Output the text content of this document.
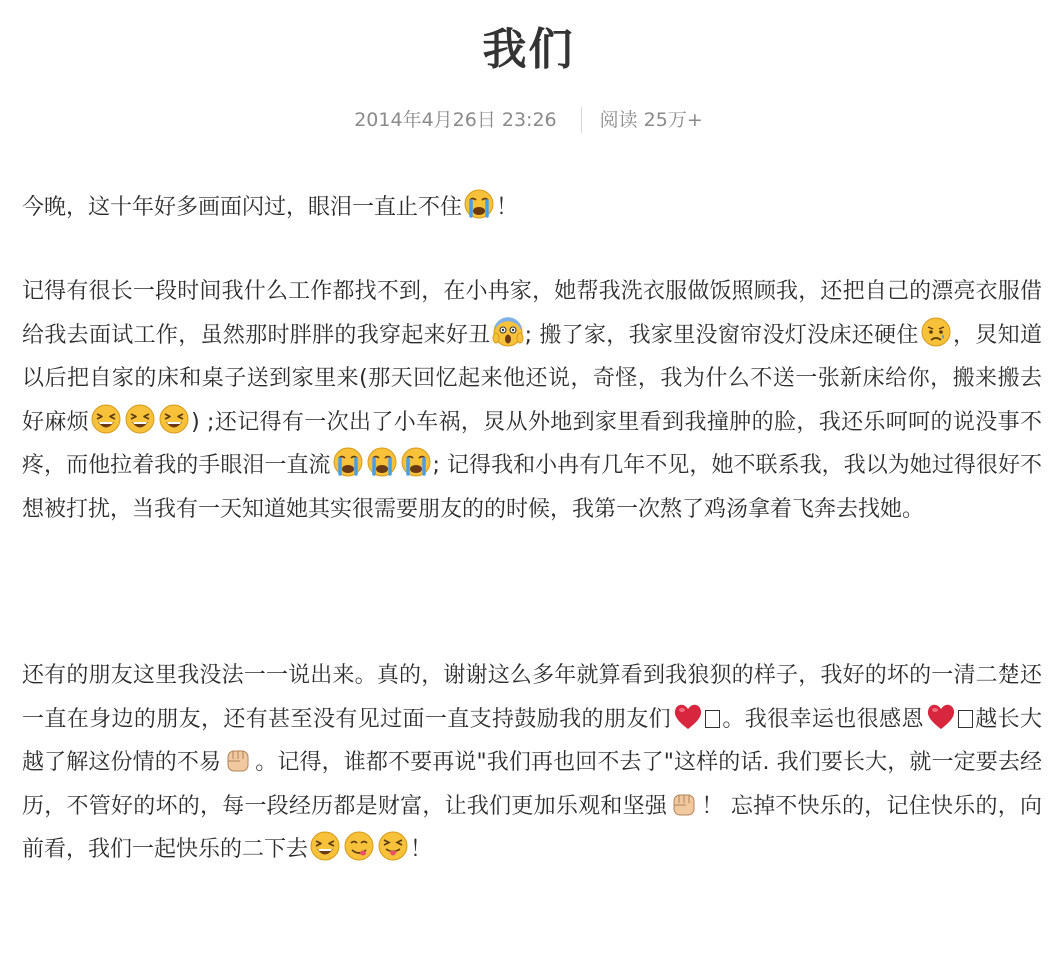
我们
2014年4月26日 23:26 阅读 25万+

今晚，这十年好多画面闪过，眼泪一直止不住 ！

记得有很长一段时间我什么工作都找不到，在小冉家，她帮我洗衣服做饭照顾我，还把自己的漂亮衣服借给我去面试工作，虽然那时胖胖的我穿起来好丑 ; 搬了家，我家里没窗帘没灯没床还硬住 ，炅知道以后把自家的床和桌子送到家里来(那天回忆起来他还说，奇怪，我为什么不送一张新床给你，搬来搬去好麻烦	) ;还记得有一次出了小车祸，炅从外地到家里看到我撞肿的脸，我还乐呵呵的说没事不疼，而他拉着我的手眼泪一直流	; 记得我和小冉有几年不见，她不联系我，我以为她过得很好不想被打扰，当我有一天知道她其实很需要朋友的的时候，我第一次熬了鸡汤拿着飞奔去找她。

还有的朋友这里我没法一一说出来。真的，谢谢这么多年就算看到我狼狈的样子，我好的坏的一清二楚还一直在身边的朋友，还有甚至没有见过面一直支持鼓励我的朋友们 。我很幸运也很感恩 越长大越了解这份情的不易 。记得，谁都不要再说"我们再也回不去了"这样的话. 我们要长大，就一定要去经历，不管好的坏的，每一段经历都是财富，让我们更加乐观和坚强 ！ 忘掉不快乐的，记住快乐的，向前看，我们一起快乐的二下去	！
